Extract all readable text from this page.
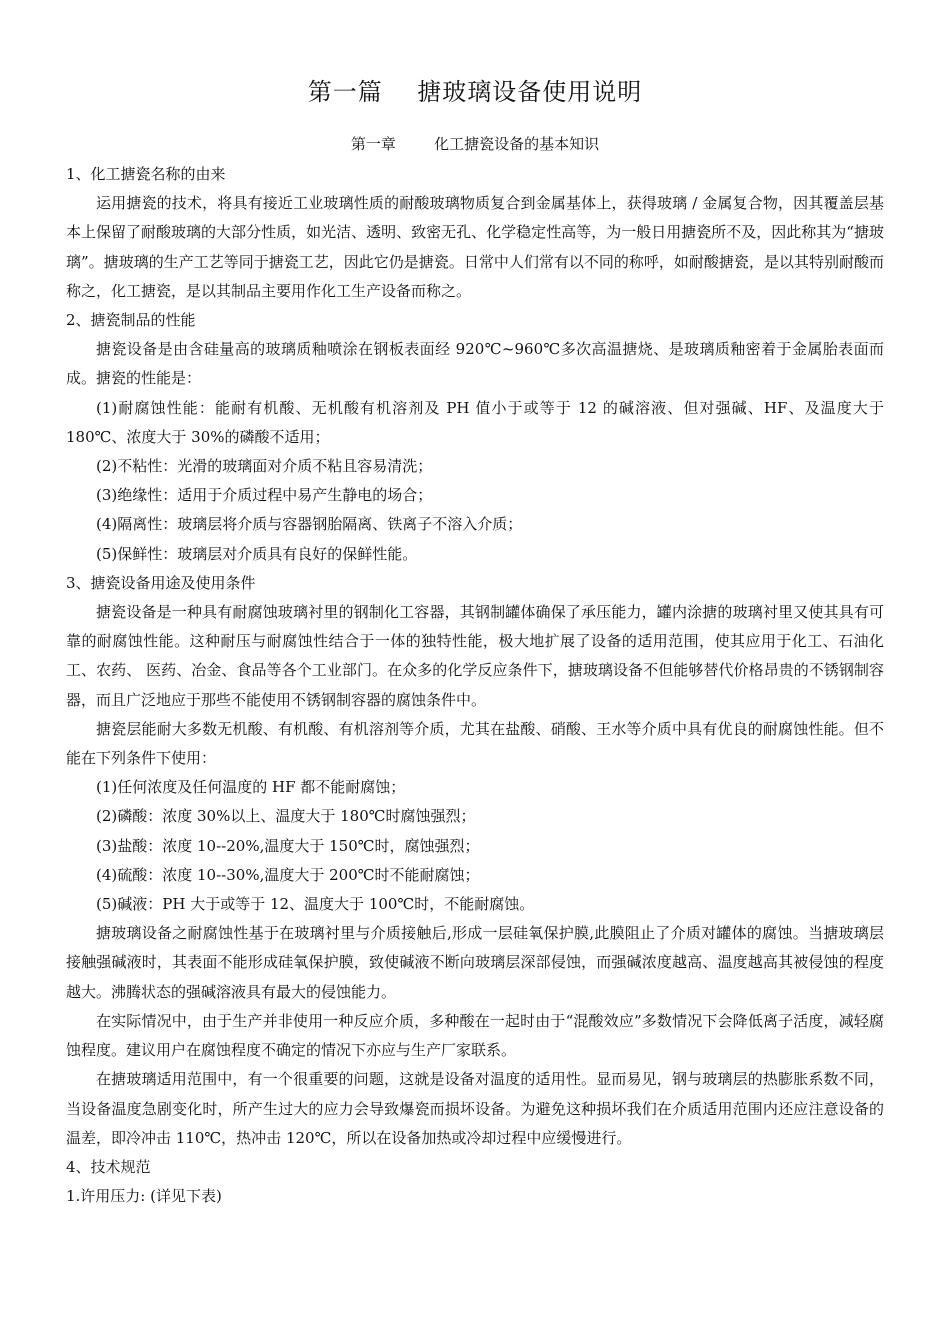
第一篇    搪玻璃设备使用说明
第一章        化工搪瓷设备的基本知识

1、化工搪瓷名称的由来

运用搪瓷的技术，将具有接近工业玻璃性质的耐酸玻璃物质复合到金属基体上，获得玻璃 / 金属复合物，因其覆盖层基本上保留了耐酸玻璃的大部分性质，如光洁、透明、致密无孔、化学稳定性高等，为一般日用搪瓷所不及，因此称其为“搪玻璃”。搪玻璃的生产工艺等同于搪瓷工艺，因此它仍是搪瓷。日常中人们常有以不同的称呼，如耐酸搪瓷，是以其特别耐酸而称之，化工搪瓷，是以其制品主要用作化工生产设备而称之。

2、搪瓷制品的性能

搪瓷设备是由含硅量高的玻璃质釉喷涂在钢板表面经 920℃~960℃多次高温搪烧、是玻璃质釉密着于金属胎表面而成。搪瓷的性能是：

(1)耐腐蚀性能：能耐有机酸、无机酸有机溶剂及 PH 值小于或等于 12 的碱溶液、但对强碱、HF、及温度大于 180℃、浓度大于 30%的磷酸不适用；

(2)不粘性：光滑的玻璃面对介质不粘且容易清洗；

(3)绝缘性：适用于介质过程中易产生静电的场合；

(4)隔离性：玻璃层将介质与容器钢胎隔离、铁离子不溶入介质；

(5)保鲜性：玻璃层对介质具有良好的保鲜性能。

3、搪瓷设备用途及使用条件

搪瓷设备是一种具有耐腐蚀玻璃衬里的钢制化工容器，其钢制罐体确保了承压能力，罐内涂搪的玻璃衬里又使其具有可靠的耐腐蚀性能。这种耐压与耐腐蚀性结合于一体的独特性能，极大地扩展了设备的适用范围，使其应用于化工、石油化工、农药、 医药、冶金、食品等各个工业部门。在众多的化学反应条件下，搪玻璃设备不但能够替代价格昂贵的不锈钢制容器，而且广泛地应于那些不能使用不锈钢制容器的腐蚀条件中。

搪瓷层能耐大多数无机酸、有机酸、有机溶剂等介质，尤其在盐酸、硝酸、王水等介质中具有优良的耐腐蚀性能。但不能在下列条件下使用：

(1)任何浓度及任何温度的 HF 都不能耐腐蚀；

(2)磷酸：浓度 30%以上、温度大于 180℃时腐蚀强烈；

(3)盐酸：浓度 10--20%,温度大于 150℃时，腐蚀强烈；

(4)硫酸：浓度 10--30%,温度大于 200℃时不能耐腐蚀；

(5)碱液：PH 大于或等于 12、温度大于 100℃时，不能耐腐蚀。

搪玻璃设备之耐腐蚀性基于在玻璃衬里与介质接触后,形成一层硅氧保护膜,此膜阻止了介质对罐体的腐蚀。当搪玻璃层接触强碱液时，其表面不能形成硅氧保护膜，致使碱液不断向玻璃层深部侵蚀，而强碱浓度越高、温度越高其被侵蚀的程度越大。沸腾状态的强碱溶液具有最大的侵蚀能力。

在实际情况中，由于生产并非使用一种反应介质，多种酸在一起时由于“混酸效应”多数情况下会降低离子活度，减轻腐蚀程度。建议用户在腐蚀程度不确定的情况下亦应与生产厂家联系。

在搪玻璃适用范围中，有一个很重要的问题，这就是设备对温度的适用性。显而易见，钢与玻璃层的热膨胀系数不同，当设备温度急剧变化时，所产生过大的应力会导致爆瓷而损坏设备。为避免这种损坏我们在介质适用范围内还应注意设备的温差，即冷冲击 110℃，热冲击 120℃，所以在设备加热或冷却过程中应缓慢进行。

4、技术规范

1.许用压力: (详见下表)
